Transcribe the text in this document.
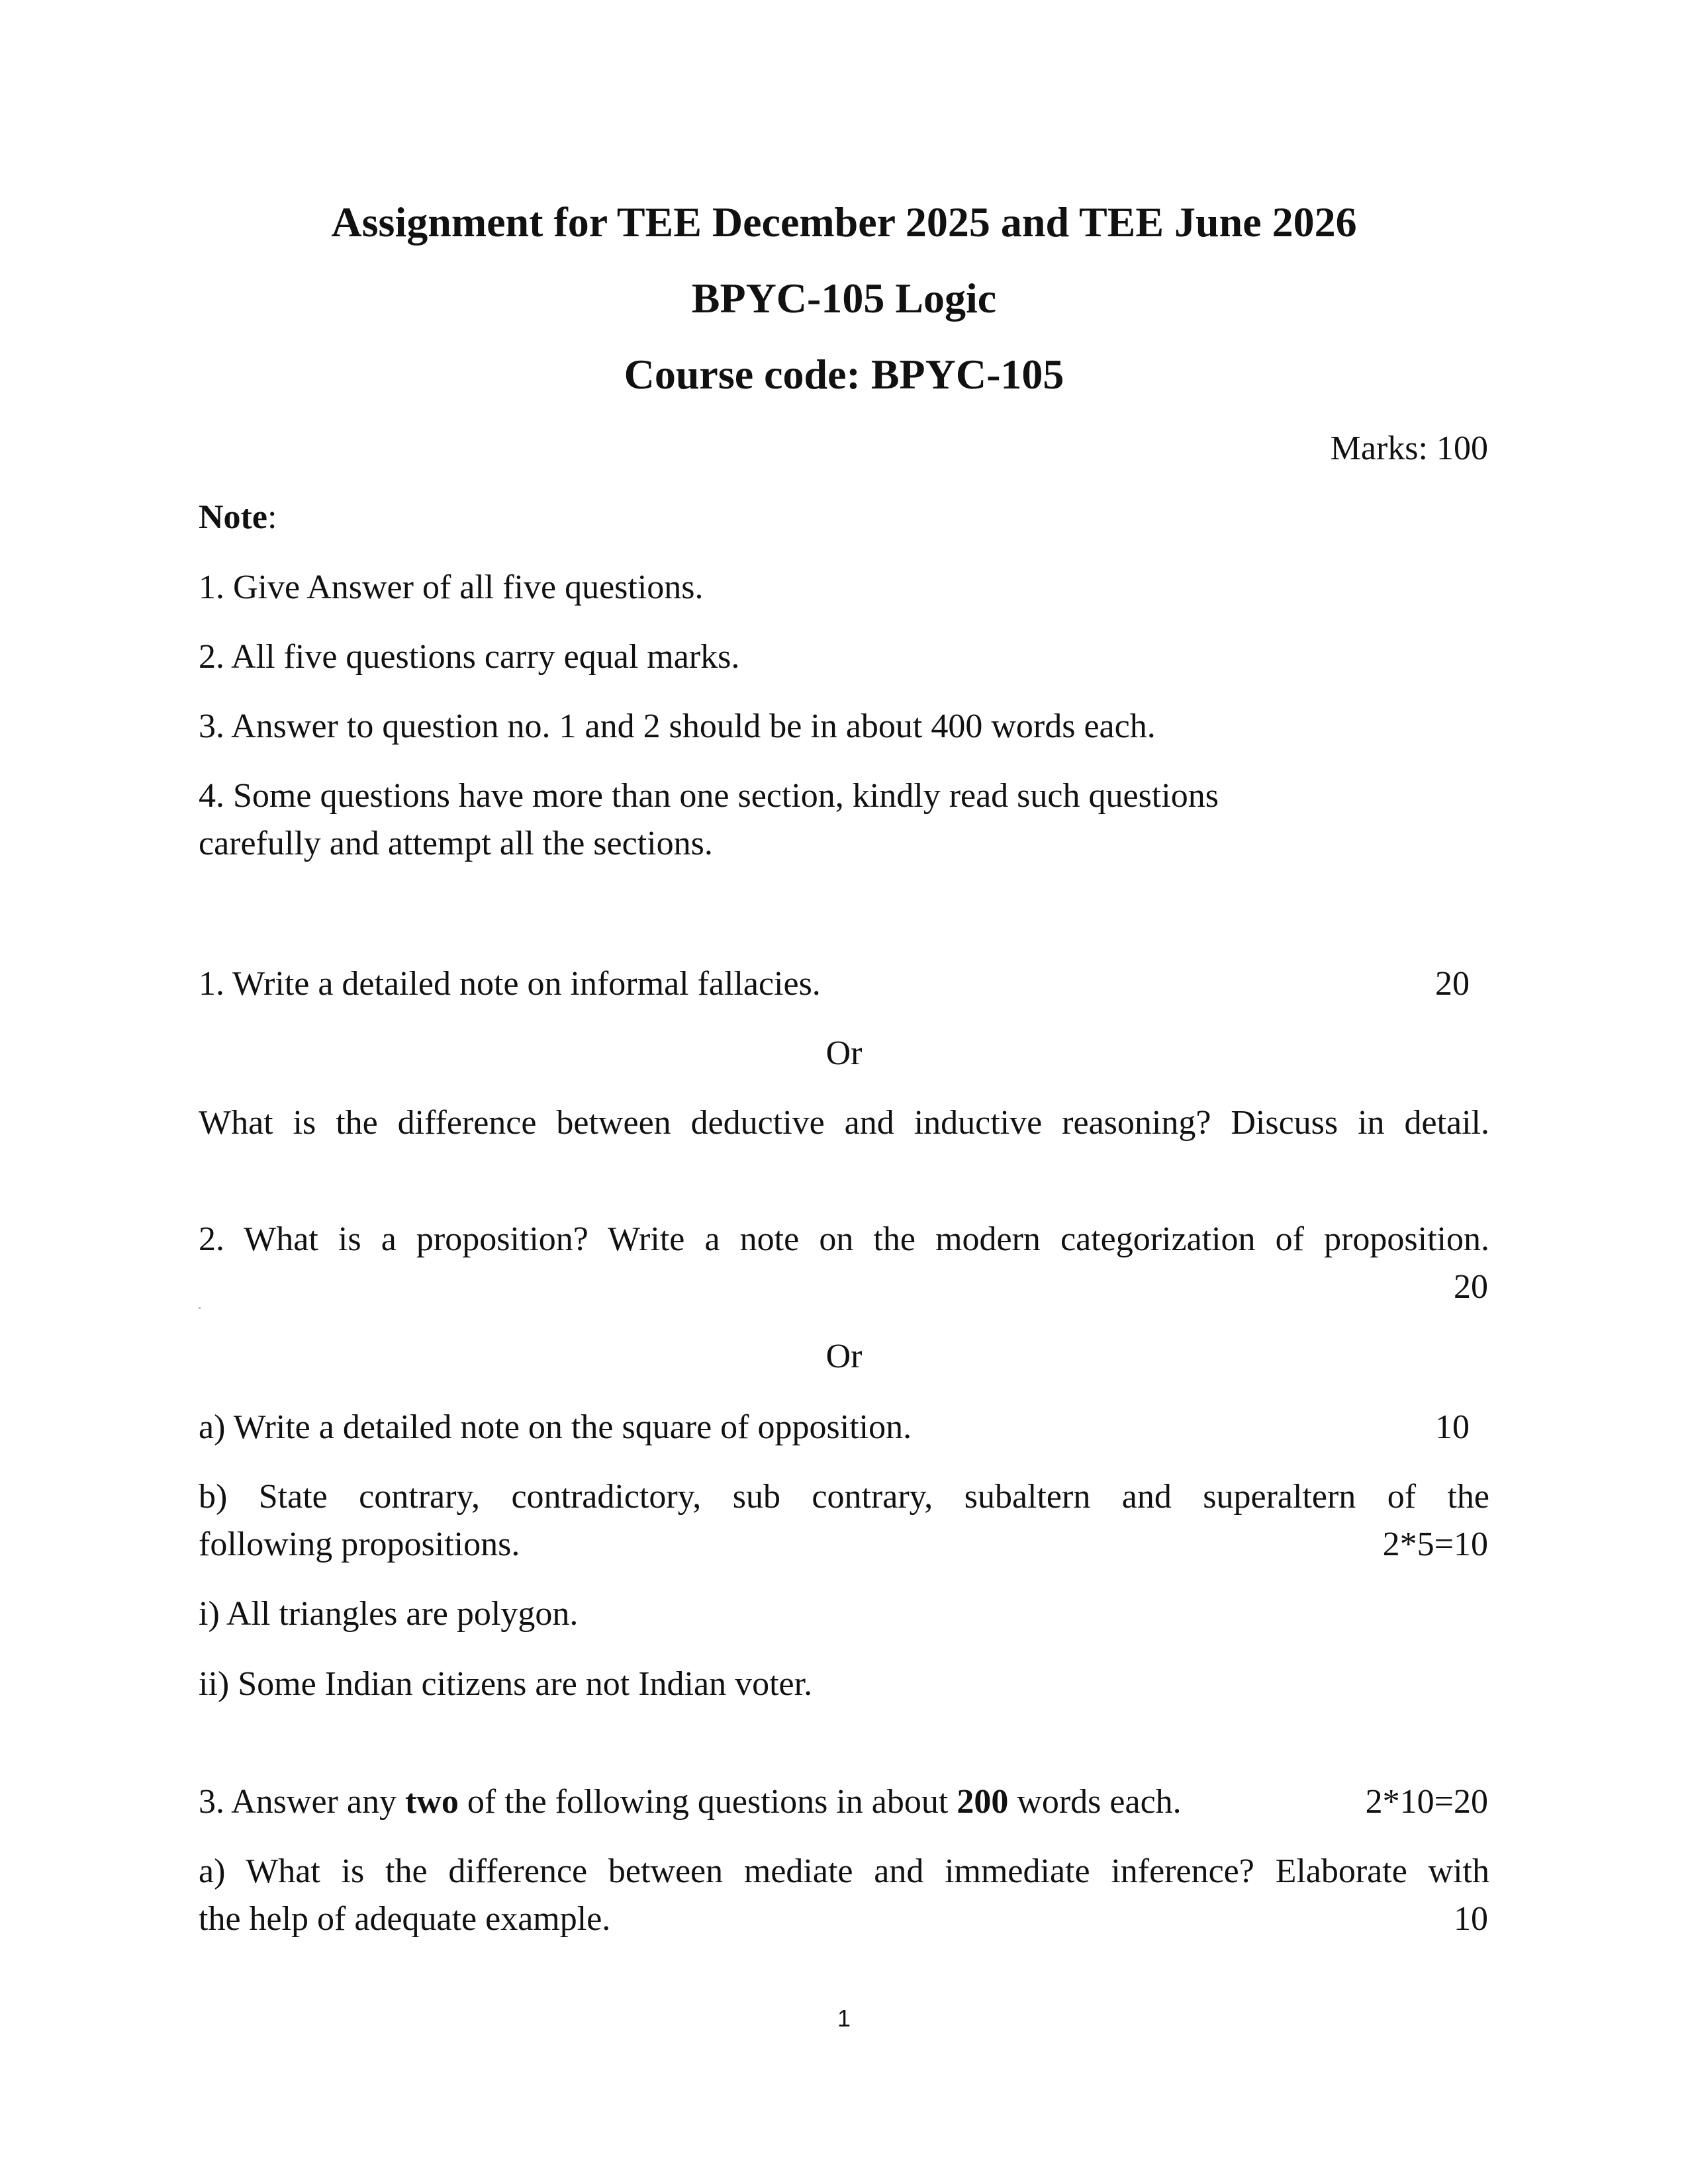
Assignment for TEE December 2025 and TEE June 2026
BPYC-105 Logic
Course code: BPYC-105
Marks: 100
Note:
1. Give Answer of all five questions.
2. All five questions carry equal marks.
3. Answer to question no. 1 and 2 should be in about 400 words each.
4. Some questions have more than one section, kindly read such questions
carefully and attempt all the sections.
1. Write a detailed note on informal fallacies.	20
Or
What is the difference between deductive and inductive reasoning? Discuss in detail.
2. What is a proposition? Write a note on the modern categorization of proposition.
20
Or
a) Write a detailed note on the square of opposition.	10
b) State contrary, contradictory, sub contrary, subaltern and superaltern of the
following propositions.	2*5=10
i) All triangles are polygon.
ii) Some Indian citizens are not Indian voter.
3. Answer any two of the following questions in about 200 words each.	2*10=20
a) What is the difference between mediate and immediate inference? Elaborate with
the help of adequate example.	10
1
